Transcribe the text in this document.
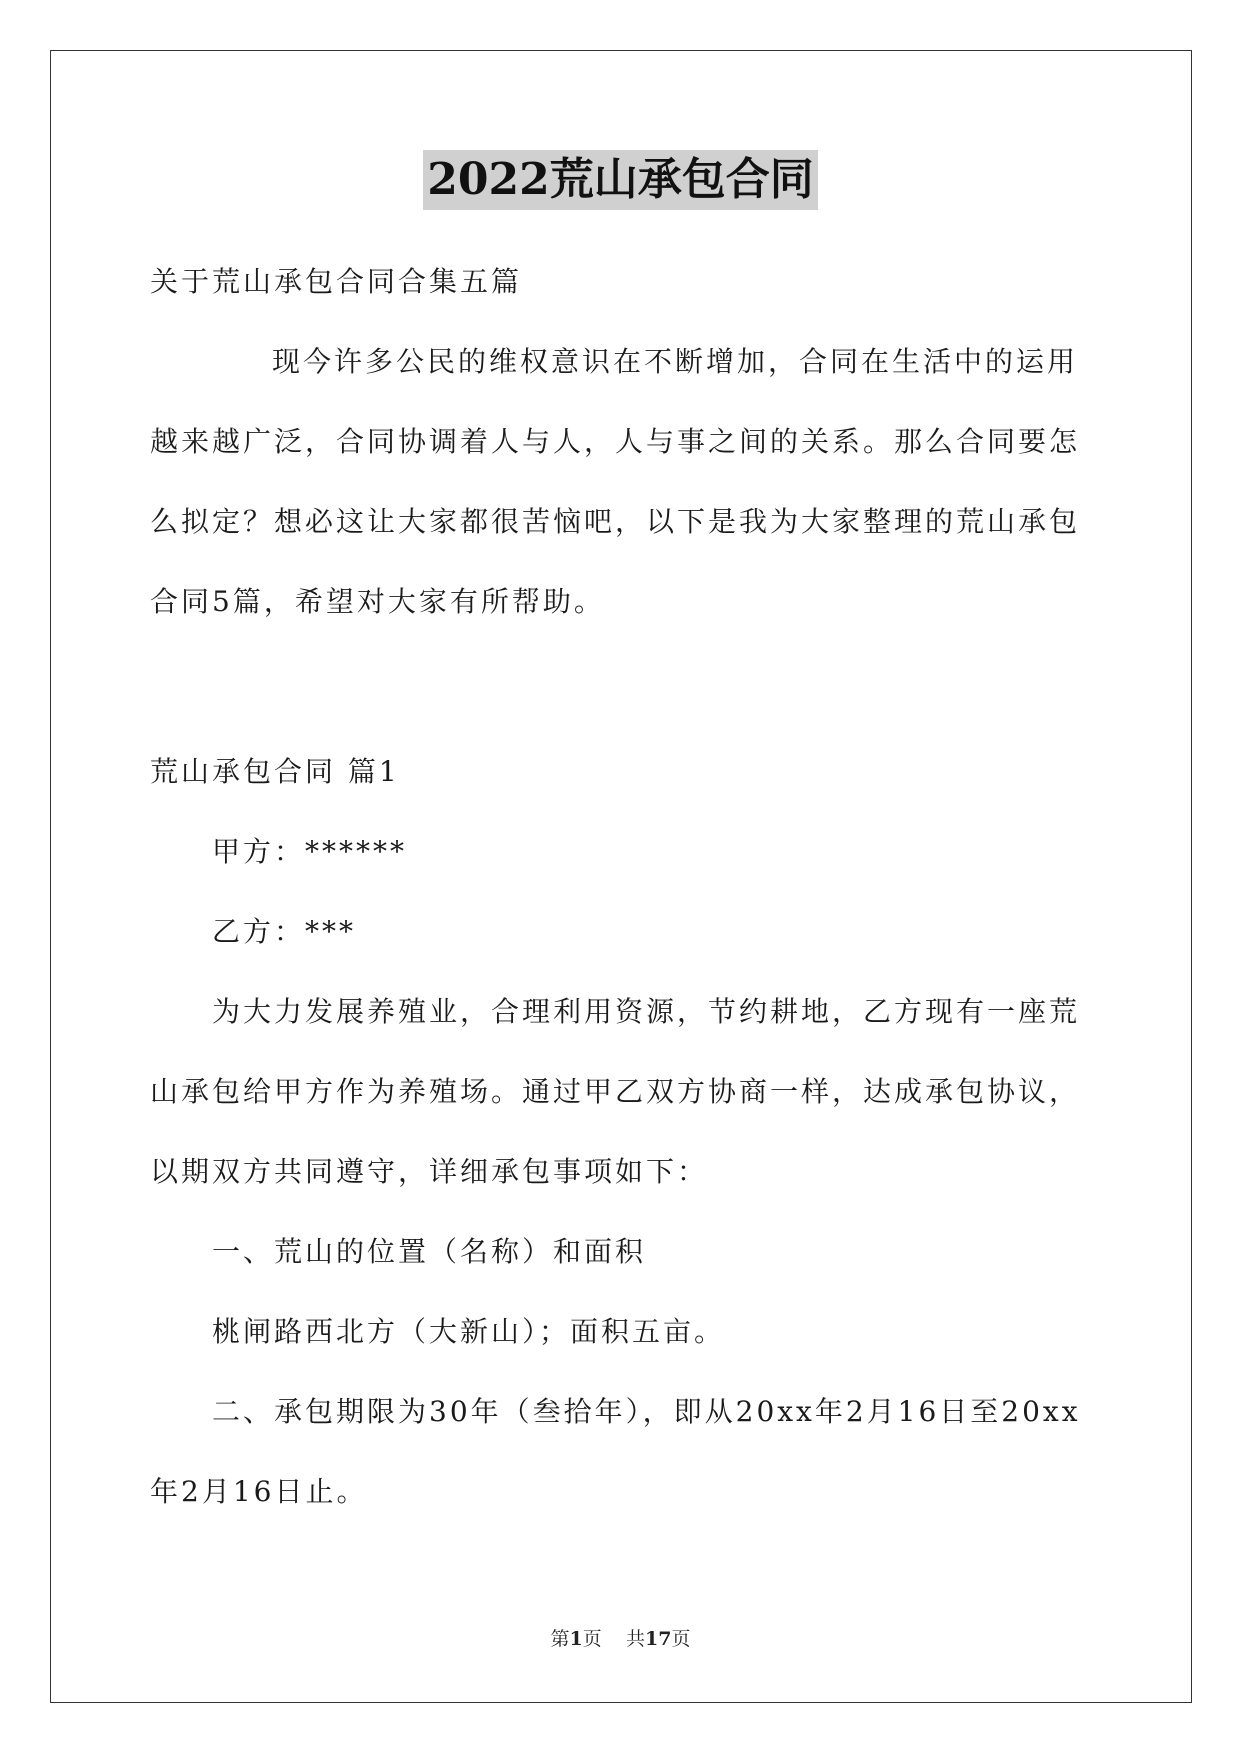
2022荒山承包合同
关于荒山承包合同合集五篇
现今许多公民的维权意识在不断增加，合同在生活中的运用
越来越广泛，合同协调着人与人，人与事之间的关系。那么合同要怎
么拟定？想必这让大家都很苦恼吧，以下是我为大家整理的荒山承包
合同5篇，希望对大家有所帮助。
荒山承包合同 篇1
甲方：******
乙方：***
为大力发展养殖业，合理利用资源，节约耕地，乙方现有一座荒
山承包给甲方作为养殖场。通过甲乙双方协商一样，达成承包协议，
以期双方共同遵守，详细承包事项如下：
一、荒山的位置（名称）和面积
桃闸路西北方（大新山）；面积五亩。
二、承包期限为30年（叁拾年），即从20xx年2月16日至20xx
年2月16日止。
第1页 共17页
